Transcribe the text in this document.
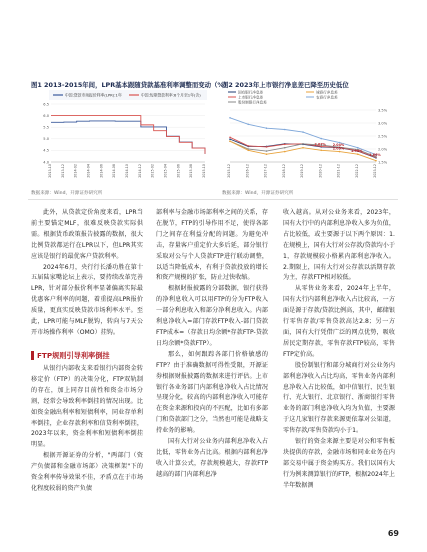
图1 2013-2015年间，LPR基本跟随贷款基准利率调整而变动（%）
中国:贷款市场报价利率(LPR):1年	中国:短期贷款利率:6个月至1年(含)
6.5
6.0
5.5
5.0
4.5
4.0
2013-10	2013-12	2014-02	2014-04	2014-06	2014-08	2014-10	2014-12	2015-02	2015-04	2015-06	2015-08	2015-10
数据来源：Wind，开源证券研究所
图2 2023年上市银行净息差已降至历史低位
国有银行净息差
上市银行净息差
股份制银行净息差
城商行净息差
农商行净息差
3.5%
3.0%
2.5%
2.0%
1.5%
2015-12	2016-12	2017-12	2018-12	2019-12	2020-12	2021-12	2022-12	2023-12
2.07%
2.05%
2.04%
1.94%
1.66%
数据来源：Wind，开源证券研究所

此外，从贷款定价角度来看，LPR当前主要锚定MLF，很难反映贷款实际供需。根据货币政策报告披露的数据，很大比例贷款都运行在LPR以下，但LPR其实应该是银行的最优客户贷款利率。

2024年6月，央行行长潘功胜在第十五届陆家嘴论坛上表示，要持续改革完善LPR，针对部分报价利率显著偏离实际最优惠客户利率的问题，着重提高LPR报价质量，更真实反映贷款市场利率水平。至此，LPR可能与MLF脱钩，转向与7天公开市场操作利率（OMO）挂钩。

FTP规则引导利率倒挂

从银行内部收支来看银行内部资金转移定价（FTP）的决策分化，FTP双轨制的存在，加上同存目前性和资金市场分割，经常会导致利率倒挂的情况出现。比如资金融出利率和短债利率，同业存单利率倒挂，企业存款利率和信贷利率倒挂，2023年以来，资金利率和短债利率倒挂明显。

根据开源证券的分析，"两部门（资产负债部和金融市场部）决策框架"下的资金利率传导效果不佳，矛盾点在于市场化程度较弱的资产负债

部利率与金融市场部利率之间的关系，存在脱节，FTP的引导作用不足，使得各部门之间存在利益分配的问题。为避免冲击，存量客户重定价大多后延，部分银行采取对公与个人贷款FTP进行联动调整，以适当降低成本，有利于贷款投放的增长和资产规模的扩张，防止过快收缩。

根据財报披露的分部数据，银行获得的净利息收入可以用FTP的分为FTP收入一部分利息收入和部分净利息收入。内部利息净收入=部门存款FTP收入-部门贷款FTP成本=（存款日均余额*存款FTP-贷款日均余额*贷款FTP）。

那么，如何跟踪各部门价格敏感的FTP？由于准确数据可得性受限，开源证券根据财报披露的数据来进行评估。上市银行各业务部门内部利息净收入占比情况呈现分化，较高的内部利息净收入可能存在资金来源和投向的不匹配，比如有多部门和贷款部门之分，当然也可能是战略支持业务的影响。

国有大行对公业务内部利息净收入占比低，零售业务占比高。根据内部利息净收入计算公式，存款规模越大，存款FTP越高的部门内部利息净

收入越高。从对公业务来看，2023年，国有大行中的内部利息净收入多为负值，占比较低，或主要源于以下两个原因：1.在规模上，国有大行对公存款/贷款均小于1，存款规模较小格累内部利息净收入。2.期限上，国有大行对公存款以活期存款为主，存款FTP相对较低。

从零售业务来看，2024年上半年，国有大行内部利息净收入占比较高，一方面是源于存款/贷款比例高，其中，邮储银行零售存款/零售贷款高达2.8；另一方面，国有大行凭借广泛的网点优势，吸收居民定期存款，零售存款FTP较高，零售FTP定价高。

股份制银行和部分城商行对公业务内部利息净收入占比均高，零售业务内部利息净收入占比较低，如中信银行、民生银行、光大银行、北京银行、浙商银行零售业务的部门利息净收入均为负值，主要源于这几家银行存款来源更依靠对公渠道，零售存款/零售贷款均小于1。

银行的资金来源主要是对公和零售板块提供的存款，金融市场和同业业务在内部交易中属于资金购买方。我们以国有大行为例来测算银行的FTP，根据2024年上半年数据测

69
